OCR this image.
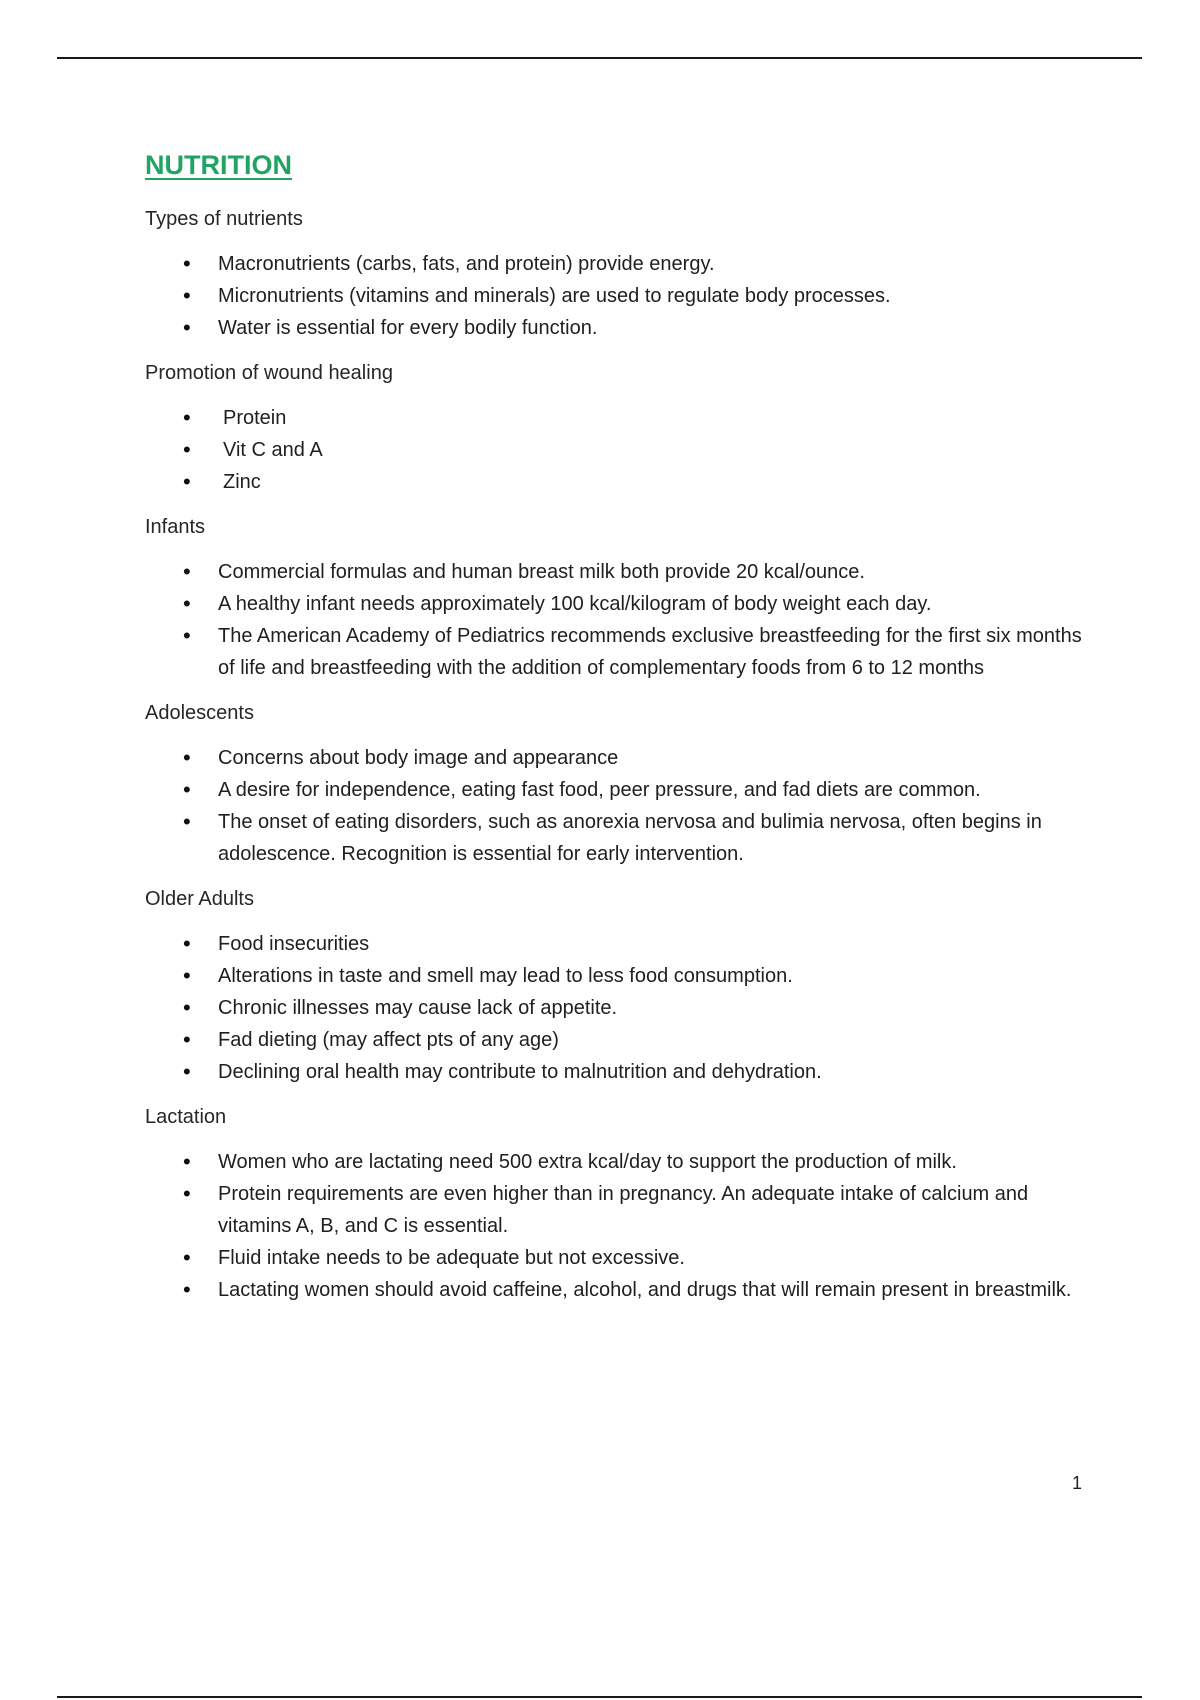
NUTRITION

Types of nutrients

• Macronutrients (carbs, fats, and protein) provide energy.
• Micronutrients (vitamins and minerals) are used to regulate body processes.
• Water is essential for every bodily function.

Promotion of wound healing

• Protein
• Vit C and A
• Zinc

Infants

• Commercial formulas and human breast milk both provide 20 kcal/ounce.
• A healthy infant needs approximately 100 kcal/kilogram of body weight each day.
• The American Academy of Pediatrics recommends exclusive breastfeeding for the first six months of life and breastfeeding with the addition of complementary foods from 6 to 12 months

Adolescents

• Concerns about body image and appearance
• A desire for independence, eating fast food, peer pressure, and fad diets are common.
• The onset of eating disorders, such as anorexia nervosa and bulimia nervosa, often begins in adolescence. Recognition is essential for early intervention.

Older Adults

• Food insecurities
• Alterations in taste and smell may lead to less food consumption.
• Chronic illnesses may cause lack of appetite.
• Fad dieting (may affect pts of any age)
• Declining oral health may contribute to malnutrition and dehydration.

Lactation

• Women who are lactating need 500 extra kcal/day to support the production of milk.
• Protein requirements are even higher than in pregnancy. An adequate intake of calcium and vitamins A, B, and C is essential.
• Fluid intake needs to be adequate but not excessive.
• Lactating women should avoid caffeine, alcohol, and drugs that will remain present in breastmilk.
1
